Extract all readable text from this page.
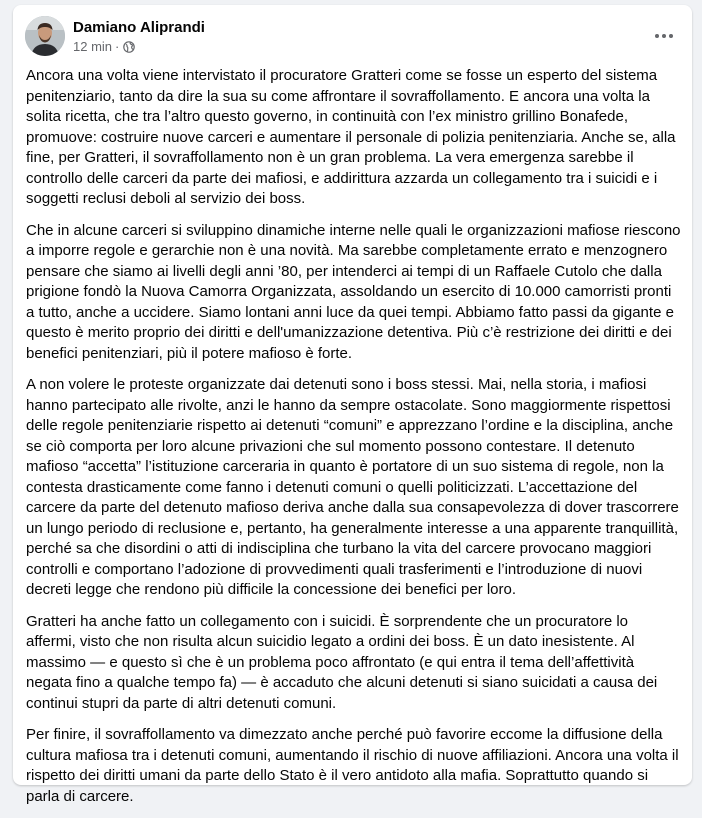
Damiano Aliprandi
12 min ·

Ancora una volta viene intervistato il procuratore Gratteri come se fosse un esperto del sistema penitenziario, tanto da dire la sua su come affrontare il sovraffollamento. E ancora una volta la solita ricetta, che tra l’altro questo governo, in continuità con l’ex ministro grillino Bonafede, promuove: costruire nuove carceri e aumentare il personale di polizia penitenziaria. Anche se, alla fine, per Gratteri, il sovraffollamento non è un gran problema. La vera emergenza sarebbe il controllo delle carceri da parte dei mafiosi, e addirittura azzarda un collegamento tra i suicidi e i soggetti reclusi deboli al servizio dei boss.

Che in alcune carceri si sviluppino dinamiche interne nelle quali le organizzazioni mafiose riescono a imporre regole e gerarchie non è una novità. Ma sarebbe completamente errato e menzognero pensare che siamo ai livelli degli anni ’80, per intenderci ai tempi di un Raffaele Cutolo che dalla prigione fondò la Nuova Camorra Organizzata, assoldando un esercito di 10.000 camorristi pronti a tutto, anche a uccidere. Siamo lontani anni luce da quei tempi. Abbiamo fatto passi da gigante e questo è merito proprio dei diritti e dell'umanizzazione detentiva. Più c’è restrizione dei diritti e dei benefici penitenziari, più il potere mafioso è forte.

A non volere le proteste organizzate dai detenuti sono i boss stessi. Mai, nella storia, i mafiosi hanno partecipato alle rivolte, anzi le hanno da sempre ostacolate. Sono maggiormente rispettosi delle regole penitenziarie rispetto ai detenuti “comuni” e apprezzano l’ordine e la disciplina, anche se ciò comporta per loro alcune privazioni che sul momento possono contestare. Il detenuto mafioso “accetta” l’istituzione carceraria in quanto è portatore di un suo sistema di regole, non la contesta drasticamente come fanno i detenuti comuni o quelli politicizzati. L’accettazione del carcere da parte del detenuto mafioso deriva anche dalla sua consapevolezza di dover trascorrere un lungo periodo di reclusione e, pertanto, ha generalmente interesse a una apparente tranquillità, perché sa che disordini o atti di indisciplina che turbano la vita del carcere provocano maggiori controlli e comportano l’adozione di provvedimenti quali trasferimenti e l’introduzione di nuovi decreti legge che rendono più difficile la concessione dei benefici per loro.

Gratteri ha anche fatto un collegamento con i suicidi. È sorprendente che un procuratore lo affermi, visto che non risulta alcun suicidio legato a ordini dei boss. È un dato inesistente. Al massimo — e questo sì che è un problema poco affrontato (e qui entra il tema dell’affettività negata fino a qualche tempo fa) — è accaduto che alcuni detenuti si siano suicidati a causa dei continui stupri da parte di altri detenuti comuni.

Per finire, il sovraffollamento va dimezzato anche perché può favorire eccome la diffusione della cultura mafiosa tra i detenuti comuni, aumentando il rischio di nuove affiliazioni. Ancora una volta il rispetto dei diritti umani da parte dello Stato è il vero antidoto alla mafia. Soprattutto quando si parla di carcere.
